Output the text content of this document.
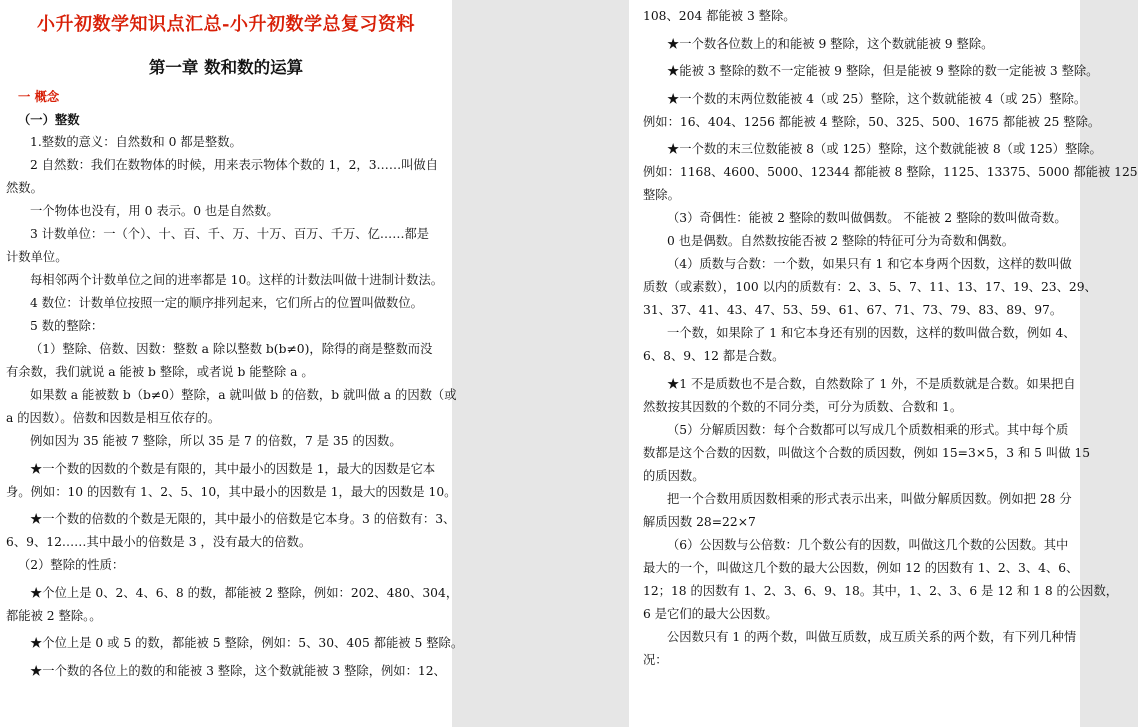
小升初数学知识点汇总-小升初数学总复习资料
第一章 数和数的运算
一 概念
（一）整数
1.整数的意义：自然数和 0 都是整数。
2 自然数：我们在数物体的时候，用来表示物体个数的 1，2，3……叫做自
然数。
一个物体也没有，用 0 表示。0 也是自然数。
3 计数单位：一（个）、十、百、千、万、十万、百万、千万、亿……都是
计数单位。
每相邻两个计数单位之间的进率都是 10。这样的计数法叫做十进制计数法。
4 数位：计数单位按照一定的顺序排列起来，它们所占的位置叫做数位。
5 数的整除：
（1）整除、倍数、因数：整数 a 除以整数 b(b≠0)，除得的商是整数而没
有余数，我们就说 a 能被 b 整除，或者说 b 能整除 a 。
如果数 a 能被数 b（b≠0）整除，a 就叫做 b 的倍数，b 就叫做 a 的因数（或
a 的因数）。倍数和因数是相互依存的。
例如因为 35 能被 7 整除，所以 35 是 7 的倍数，7 是 35 的因数。
★一个数的因数的个数是有限的，其中最小的因数是 1，最大的因数是它本
身。例如：10 的因数有 1、2、5、10，其中最小的因数是 1，最大的因数是 10。
★一个数的倍数的个数是无限的，其中最小的倍数是它本身。3 的倍数有：3、
6、9、12……其中最小的倍数是 3 ，没有最大的倍数。
（2）整除的性质：
★个位上是 0、2、4、6、8 的数，都能被 2 整除，例如：202、480、304，
都能被 2 整除。。
★个位上是 0 或 5 的数，都能被 5 整除，例如：5、30、405 都能被 5 整除。
★一个数的各位上的数的和能被 3 整除，这个数就能被 3 整除，例如：12、
108、204 都能被 3 整除。
★一个数各位数上的和能被 9 整除，这个数就能被 9 整除。
★能被 3 整除的数不一定能被 9 整除，但是能被 9 整除的数一定能被 3 整除。
★一个数的末两位数能被 4（或 25）整除，这个数就能被 4（或 25）整除。
例如：16、404、1256 都能被 4 整除，50、325、500、1675 都能被 25 整除。
★一个数的末三位数能被 8（或 125）整除，这个数就能被 8（或 125）整除。
例如：1168、4600、5000、12344 都能被 8 整除，1125、13375、5000 都能被 125
整除。
（3）奇偶性：能被 2 整除的数叫做偶数。 不能被 2 整除的数叫做奇数。
0 也是偶数。自然数按能否被 2 整除的特征可分为奇数和偶数。
（4）质数与合数：一个数，如果只有 1 和它本身两个因数，这样的数叫做
质数（或素数），100 以内的质数有：2、3、5、7、11、13、17、19、23、29、
31、37、41、43、47、53、59、61、67、71、73、79、83、89、97。
一个数，如果除了 1 和它本身还有别的因数，这样的数叫做合数，例如 4、
6、8、9、12 都是合数。
★1 不是质数也不是合数，自然数除了 1 外，不是质数就是合数。如果把自
然数按其因数的个数的不同分类，可分为质数、合数和 1。
（5）分解质因数：每个合数都可以写成几个质数相乘的形式。其中每个质
数都是这个合数的因数，叫做这个合数的质因数，例如 15=3×5，3 和 5 叫做 15
的质因数。
把一个合数用质因数相乘的形式表示出来，叫做分解质因数。例如把 28 分
解质因数 28=22×7
（6）公因数与公倍数：几个数公有的因数，叫做这几个数的公因数。其中
最大的一个，叫做这几个数的最大公因数，例如 12 的因数有 1、2、3、4、6、
12；18 的因数有 1、2、3、6、9、18。其中，1、2、3、6 是 12 和 1 8 的公因数，
6 是它们的最大公因数。
公因数只有 1 的两个数，叫做互质数，成互质关系的两个数，有下列几种情
况：
